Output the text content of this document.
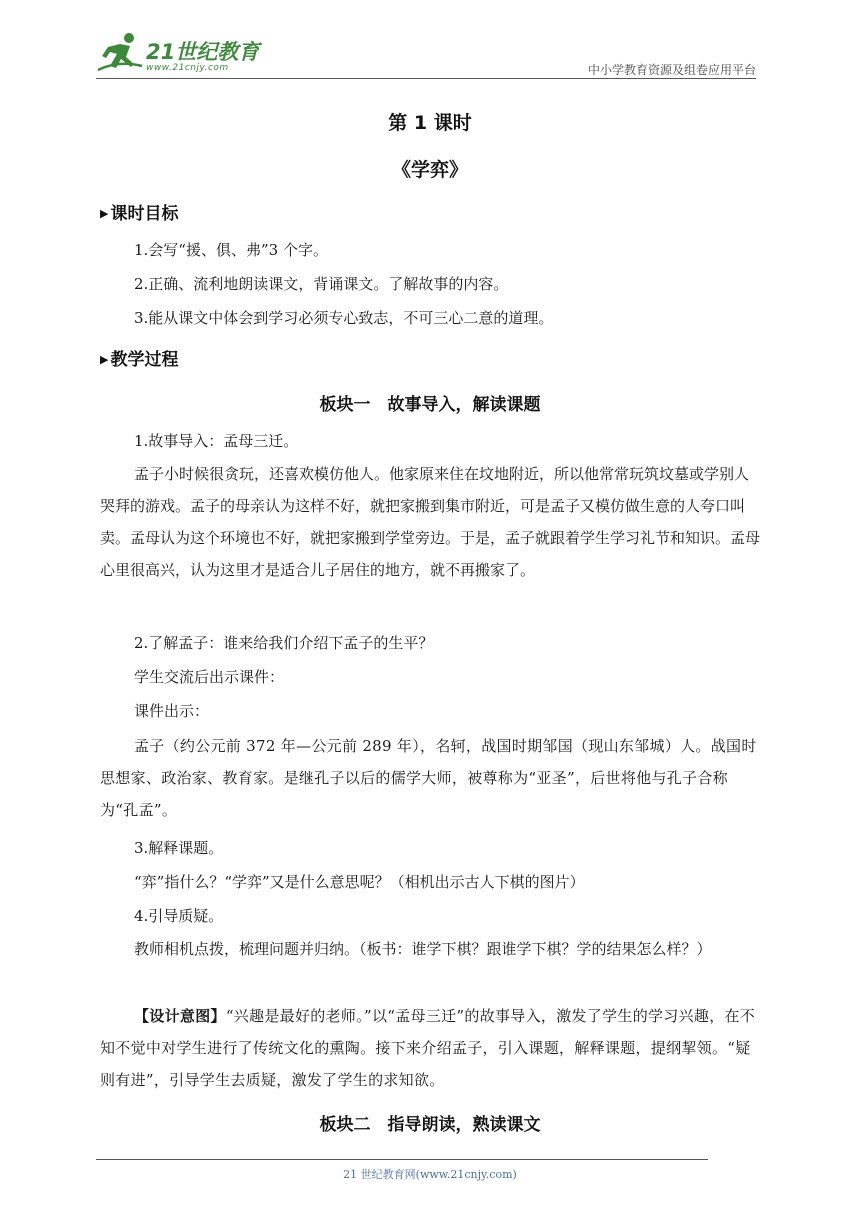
21世纪教育
www.21cnjy.com	中小学教育资源及组卷应用平台
第 1 课时
《学弈》
▶ 课时目标
1.会写“援、俱、弗”3 个字。
2.正确、流利地朗读课文，背诵课文。了解故事的内容。
3.能从课文中体会到学习必须专心致志，不可三心二意的道理。
▶ 教学过程
板块一　故事导入，解读课题
1.故事导入：孟母三迁。
孟子小时候很贪玩，还喜欢模仿他人。他家原来住在坟地附近，所以他常常玩筑坟墓或学别人哭拜的游戏。孟子的母亲认为这样不好，就把家搬到集市附近，可是孟子又模仿做生意的人夸口叫卖。孟母认为这个环境也不好，就把家搬到学堂旁边。于是，孟子就跟着学生学习礼节和知识。孟母心里很高兴，认为这里才是适合儿子居住的地方，就不再搬家了。
2.了解孟子：谁来给我们介绍下孟子的生平？
学生交流后出示课件：
课件出示：
孟子（约公元前 372 年—公元前 289 年），名轲，战国时期邹国（现山东邹城）人。战国时思想家、政治家、教育家。是继孔子以后的儒学大师，被尊称为“亚圣”，后世将他与孔子合称为“孔孟”。
3.解释课题。
“弈”指什么？“学弈”又是什么意思呢？（相机出示古人下棋的图片）
4.引导质疑。
教师相机点拨，梳理问题并归纳。（板书：谁学下棋？跟谁学下棋？学的结果怎么样？）
【设计意图】“兴趣是最好的老师。”以“孟母三迁”的故事导入，激发了学生的学习兴趣，在不知不觉中对学生进行了传统文化的熏陶。接下来介绍孟子，引入课题，解释课题，提纲挈领。“疑则有进”，引导学生去质疑，激发了学生的求知欲。
板块二　指导朗读，熟读课文
21 世纪教育网(www.21cnjy.com)
